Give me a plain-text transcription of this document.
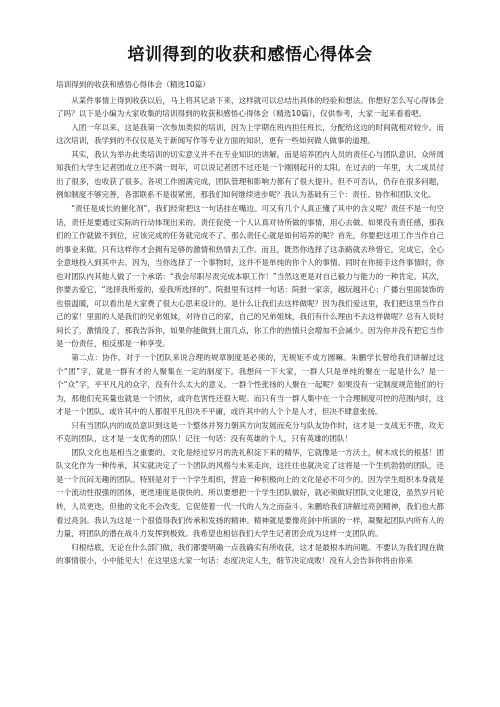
培训得到的收获和感悟心得体会
培训得到的收获和感悟心得体会（精选10篇）

从某件事情上得到收获以后，马上将其记录下来，这样就可以总结出具体的经验和想法。你想好怎么写心得体会了吗？以下是小编为大家收集的培训得到的收获和感悟心得体会（精选10篇），仅供参考，大家一起来看看吧。

入团一年以来，这是我第一次参加类似的培训，因为上学期在班内担任班长，分配给这边的时间就相对较少。而这次培训，我学到的不仅仅是关于新闻写作等专业方面的知识，更有一些如何做人做事的道理。

其实，我认为举办此类培训的切实意义并不在专业知识的讲解，而是培养团内人员的责任心与团队意识。众所周知我们大学生记者团成立还不满一周年，可以说记者团不过还是一个刚刚起升的太阳。在过去的一年里，大二成员付出了很多，也收获了很多。各项工作圆满完成，团队管理和影响力都有了很大提升。但不可否认，仍存在很多问题，例如制度不够完善，各部联系不是很紧密，那我们如何继续进步呢？我认为基础有三个：责任、协作和团队文化。

“责任是成长的催化剂”，我们经常把这一句话挂在嘴边。可又有几个人真正懂了其中的含义呢？责任不是一句空话，责任是要通过实际的行动体现出来的。责任促使一个人认真对待所做的事情，用心去做。如果没有责任感，那我们的工作就做不到位，应该完成的任务就完成不了。那么责任心就是如何培养的呢？首先，你要把这项工作当作自己的事业来做。只有这样你才会拥有足够的激情和热情去工作。而且，既然你选择了这条路就去珍惜它，完成它，全心全意地投入到其中去。因为，当你选择了一个事物时，这并不是单纯的你个人的事情。同时在你接手这件事情时，你也对团队内其他人做了一个承诺：“我会尽职尽责完成本职工作！”当然这更是对自己毅力与能力的一种肯定。其次，你要去爱它，“选择我所爱的，爱我所选择的”。院报里有这样一句话：院报一家亲，越玩越开心；广播台里面装饰的也很温暖，可以看出是大家费了很大心思来设计的。是什么让我们去这样做呢？因为我们爱这里，我们把这里当作自己的家！里面的人是我们的兄弟姐妹，对待自己的家，自己的兄弟姐妹，我们有什么理由不去这样做呢？总有人说时间长了，激情没了，那我告诉你，如果你能做到上面几点，你工作的热情只会增加不会减少。因为你并没有把它当作是一份责任，相反那是一种享受。

第二点：协作。对于一个团队来说合理的规章制度是必须的，无规矩不成方圆嘛。朱鹏学长曾给我们讲解过这个“团”字，就是一群有才的人聚集在一定的制度下。我想问一下大家，一群人只是单纯的聚在一起是什么？是一个“众”字，平平凡凡的众字，没有什么太大的意义。一群个性张扬的人聚在一起呢？如果没有一定制度规范他们的行为，那他们充其量也就是一个团伙，或许危害性还很大呢。而只有当一群人集中在一个合理制度可控的范围内时，这才是一个团队。或许其中的人都很平凡但决不平庸，或许其中的人个个是人才，但决不肆意张扬。

只有当团队内的成员意识到这是一个整体并努力朝其方向发展而充分与队友协作时，这才是一支战无不胜，攻无不克的团队，这才是一支优秀的团队！记住一句话：没有英雄的个人，只有英雄的团队！

团队文化也是相当之重要的。文化是经过岁月的洗礼积淀下来的精华，它就像是一方沃土，树木成长的根基！团队文化作为一种传承，其实就决定了一个团队的风格与未来走向，这往往也就决定了这将是一个生机勃勃的团队，还是一个沉闷无趣的团队。特别是对于一个学生组织，营造一种积极向上的文化是必不可少的。因为学生组织本身就是一个流动性很强的团体，更迭速度是很快的。所以要想把一个学生团队做好，就必须做好团队文化建设，虽然岁月轮转，人员更迭，但他的文化不会改变，它促使着一代一代的人为之而奋斗。朱鹏给我们讲解过亮剑精神，我们也大都看过亮剑。我认为这是一个很值得我们传承和发扬的精神。精神就是要像亮剑中所演的一样，凝聚起团队内所有人的力量，将团队的潜在战斗力发挥到极致。我希望也相信我们大学生记者团会成为这样一支团队的。

归根结底，无论在什么部门做，我们都要明确一点我确实有所收获，这才是最根本的问题。不要认为我们现在做的事情很小，小中能见大！在这里送大家一句话：态度决定人生，细节决定成败！没有人会告诉你将由你来
